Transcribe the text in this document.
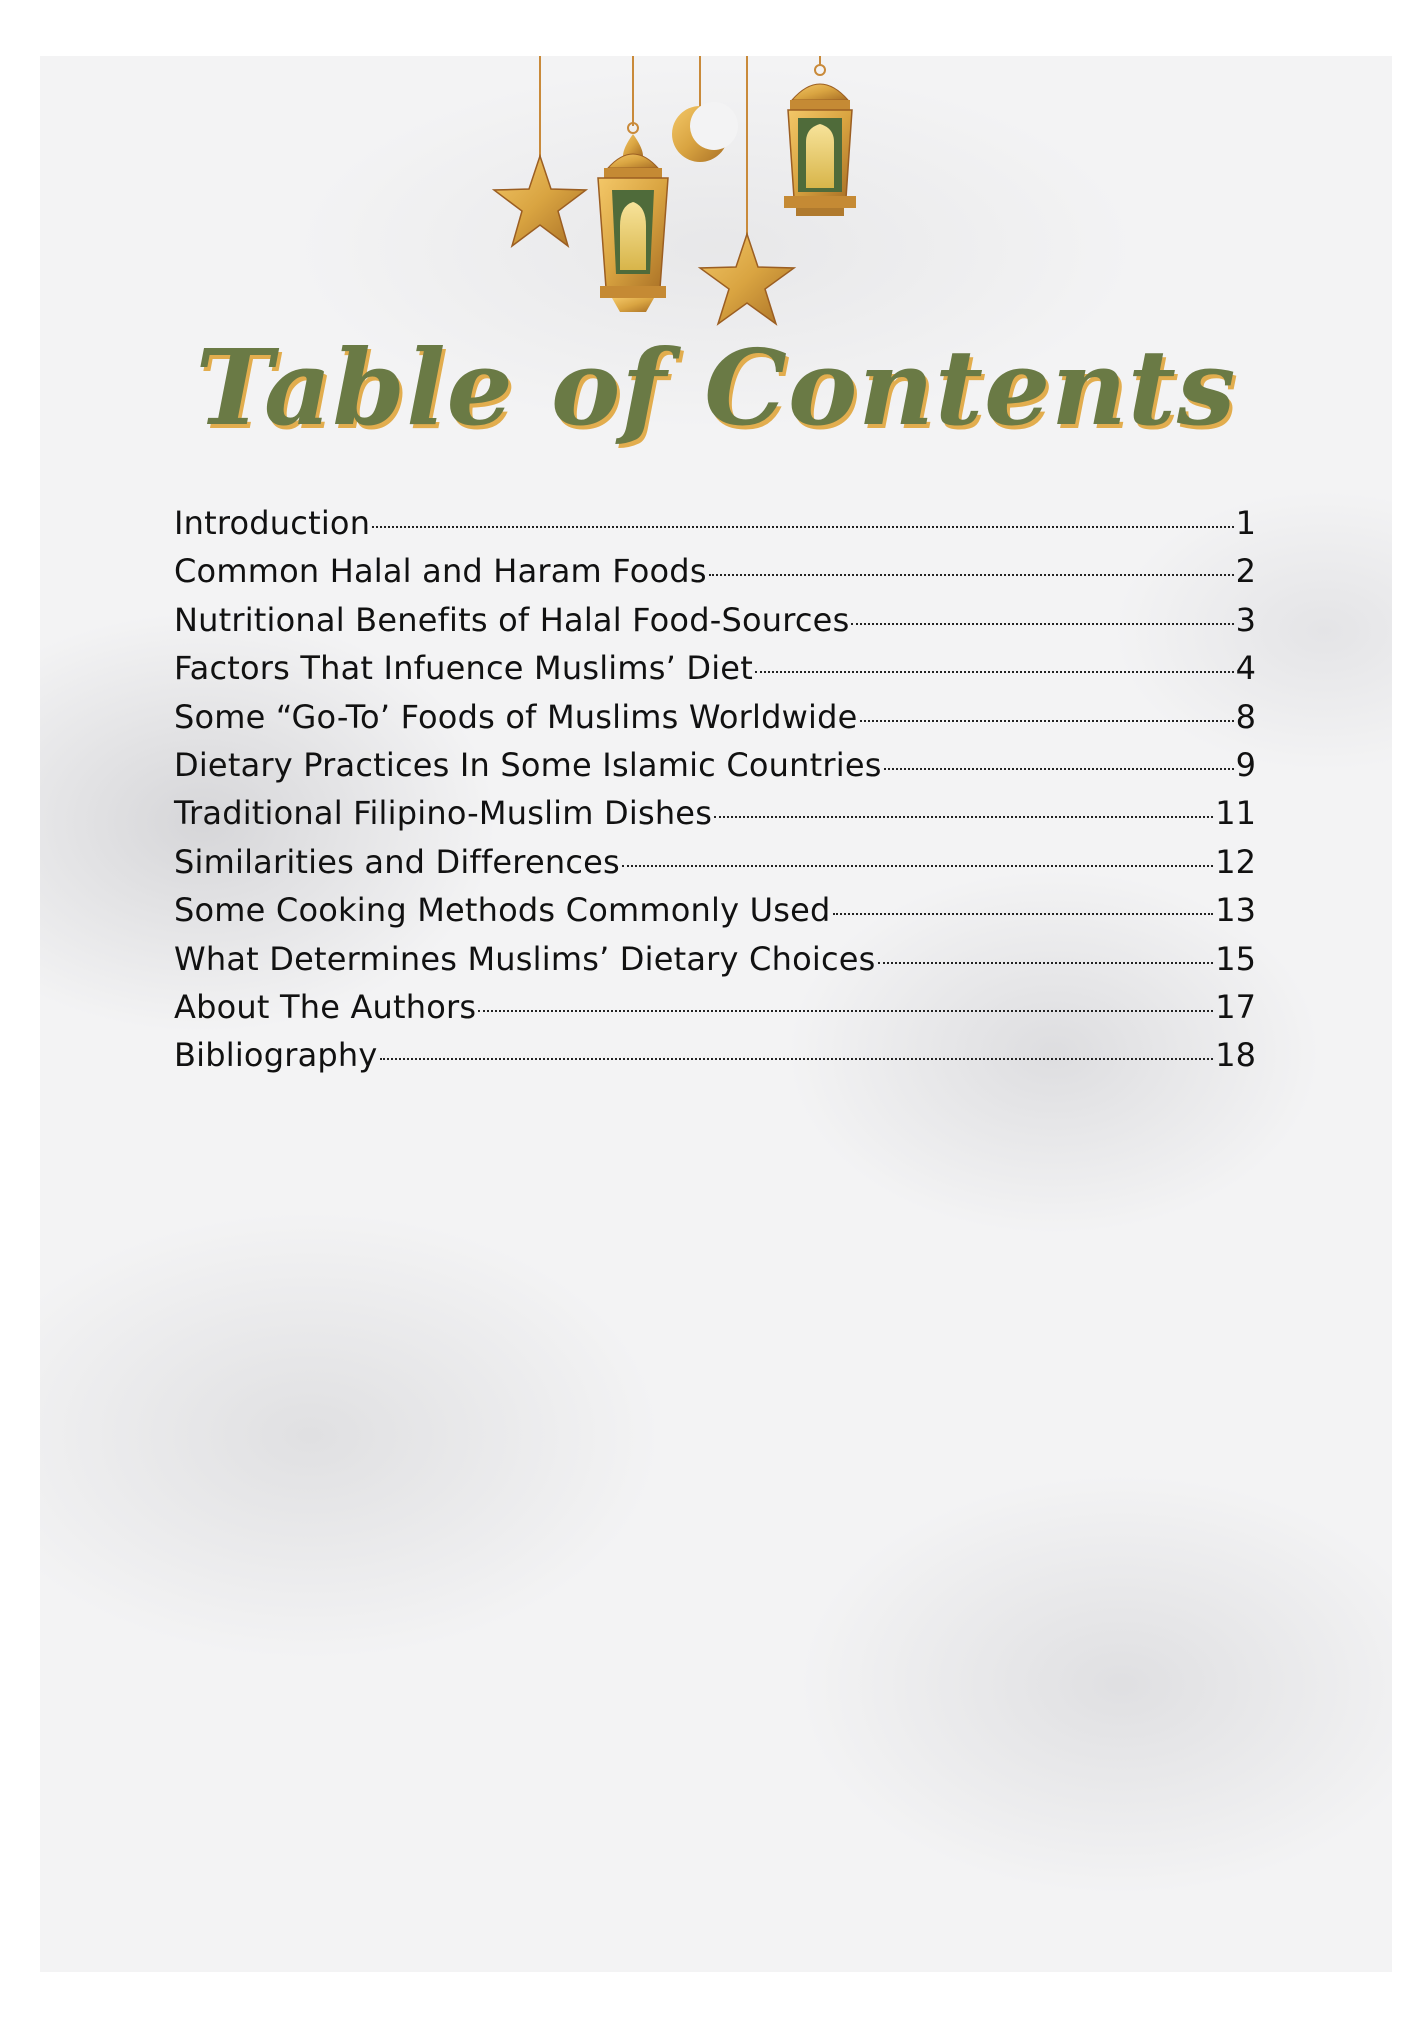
Table of Contents
Introduction	1
Common Halal and Haram Foods	2
Nutritional Benefits of Halal Food-Sources	3
Factors That Infuence Muslims’ Diet	4
Some “Go-To’ Foods of Muslims Worldwide	8
Dietary Practices In Some Islamic Countries	9
Traditional Filipino-Muslim Dishes	11
Similarities and Differences	12
Some Cooking Methods Commonly Used	13
What Determines Muslims’ Dietary Choices	15
About The Authors	17
Bibliography	18
